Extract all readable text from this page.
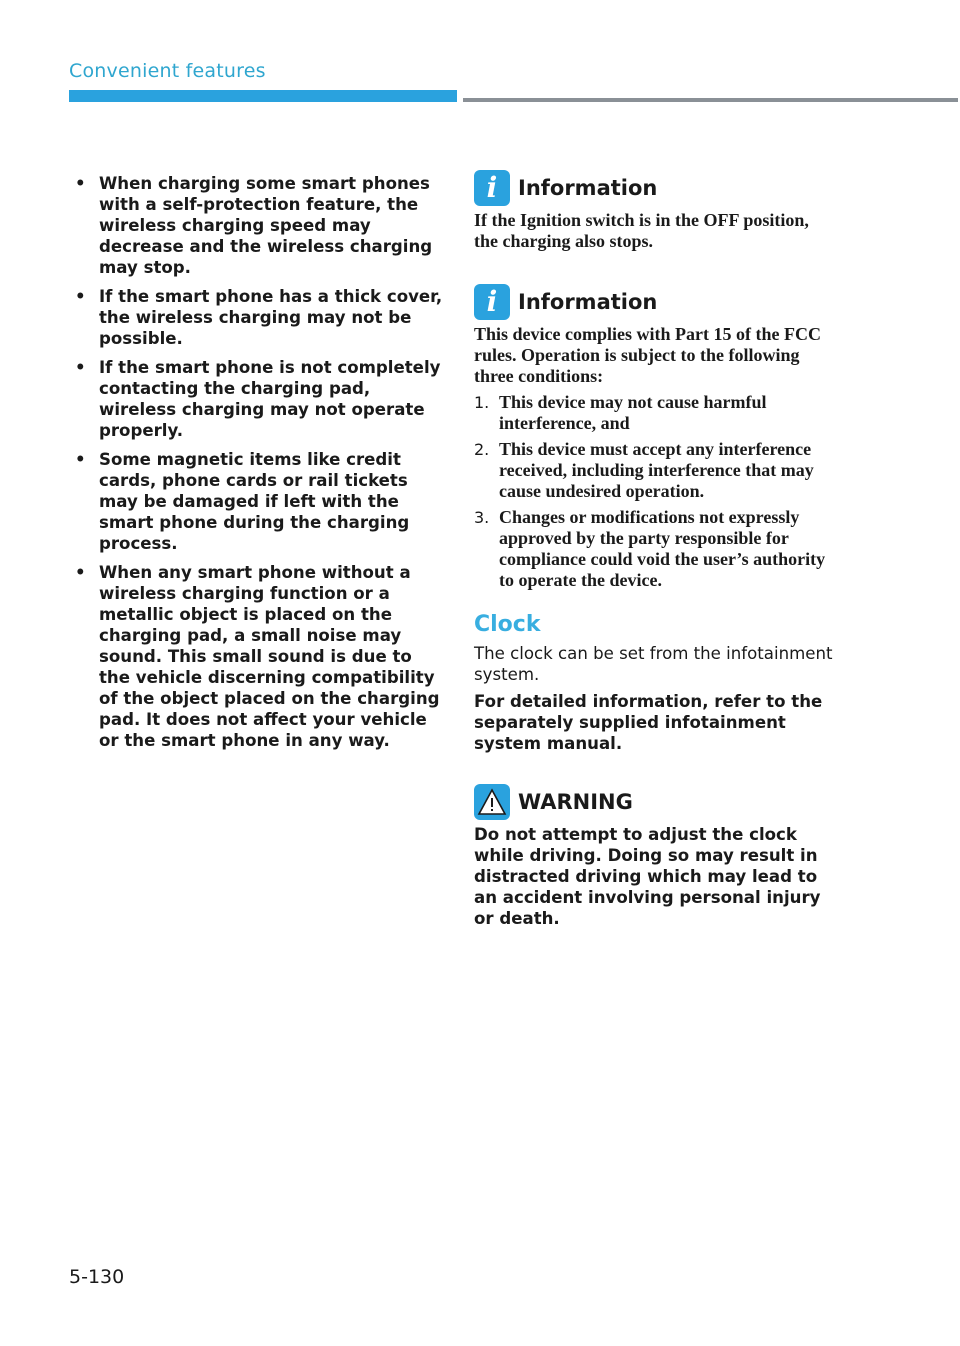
Convenient features
• When charging some smart phones with a self-protection feature, the wireless charging speed may decrease and the wireless charging may stop.
• If the smart phone has a thick cover, the wireless charging may not be possible.
• If the smart phone is not completely contacting the charging pad, wireless charging may not operate properly.
• Some magnetic items like credit cards, phone cards or rail tickets may be damaged if left with the smart phone during the charging process.
• When any smart phone without a wireless charging function or a metallic object is placed on the charging pad, a small noise may sound. This small sound is due to the vehicle discerning compatibility of the object placed on the charging pad. It does not affect your vehicle or the smart phone in any way.
i Information

If the Ignition switch is in the OFF position, the charging also stops.

i Information

This device complies with Part 15 of the FCC rules. Operation is subject to the following three conditions:

1. This device may not cause harmful interference, and
2. This device must accept any interference received, including interference that may cause undesired operation.
3. Changes or modifications not expressly approved by the party responsible for compliance could void the user’s authority to operate the device.
Clock

The clock can be set from the infotainment system.

For detailed information, refer to the separately supplied infotainment system manual.

WARNING

Do not attempt to adjust the clock while driving. Doing so may result in distracted driving which may lead to an accident involving personal injury or death.

5-130
